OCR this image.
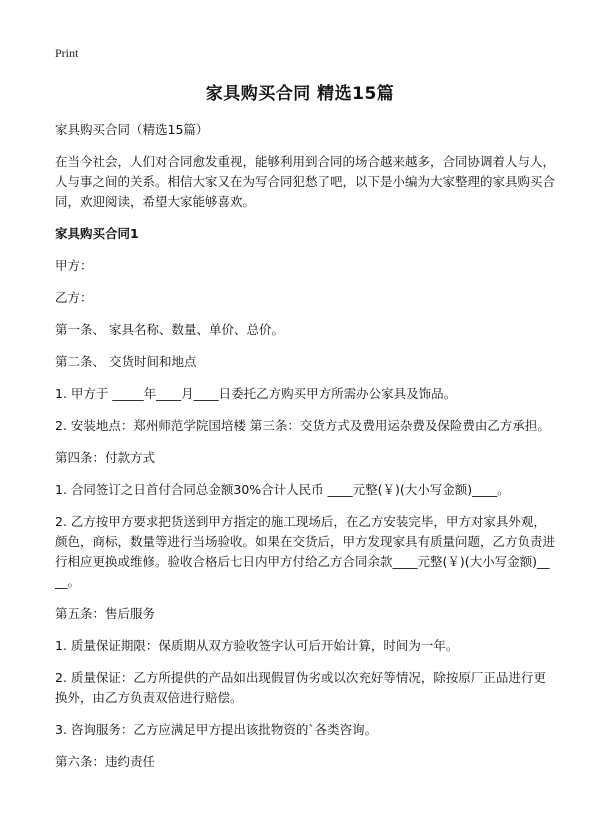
Print
家具购买合同 精选15篇

家具购买合同（精选15篇）

在当今社会，人们对合同愈发重视，能够利用到合同的场合越来越多，合同协调着人与人，人与事之间的关系。相信大家又在为写合同犯愁了吧，以下是小编为大家整理的家具购买合同，欢迎阅读，希望大家能够喜欢。

家具购买合同1

甲方：

乙方：

第一条、 家具名称、数量、单价、总价。

第二条、 交货时间和地点

1. 甲方于 _____年____月____日委托乙方购买甲方所需办公家具及饰品。

2. 安装地点：郑州师范学院国培楼 第三条：交货方式及费用运杂费及保险费由乙方承担。

第四条：付款方式

1. 合同签订之日首付合同总金额30%合计人民币 ____元整(￥)(大小写金额)____。

2. 乙方按甲方要求把货送到甲方指定的施工现场后，在乙方安装完毕，甲方对家具外观，颜色，商标，数量等进行当场验收。如果在交货后，甲方发现家具有质量问题，乙方负责进行相应更换或维修。验收合格后七日内甲方付给乙方合同余款____元整(￥)(大小写金额)____。

第五条：售后服务

1. 质量保证期限：保质期从双方验收签字认可后开始计算，时间为一年。

2. 质量保证：乙方所提供的产品如出现假冒伪劣或以次充好等情况，除按原厂正品进行更换外，由乙方负责双倍进行赔偿。

3. 咨询服务：乙方应满足甲方提出该批物资的`各类咨询。

第六条：违约责任
